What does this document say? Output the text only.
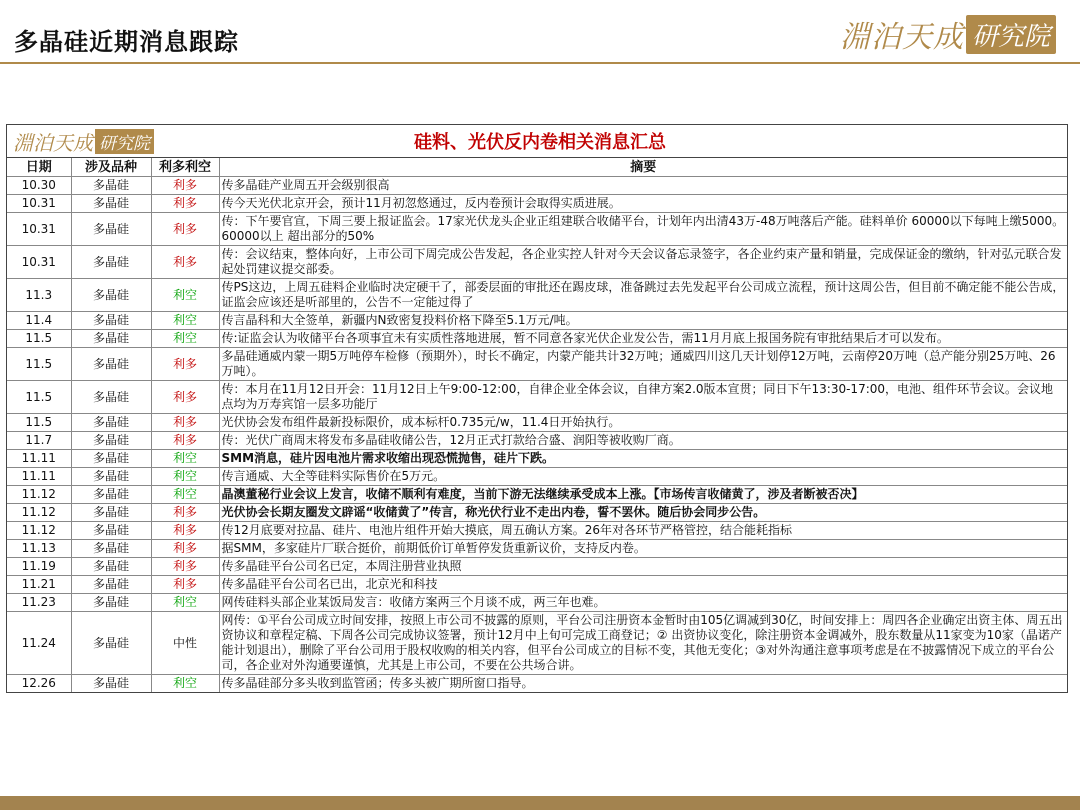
多晶硅近期消息跟踪	淵泊天成 研究院
淵泊天成 研究院	硅料、光伏反内卷相关消息汇总
日期	涉及品种	利多利空	摘要
10.30	多晶硅	利多	传多晶硅产业周五开会级别很高
10.31	多晶硅	利多	传今天光伏北京开会，预计11月初忽悠通过，反内卷预计会取得实质进展。
10.31	多晶硅	利多	传：下午要官宣，下周三要上报证监会。17家光伏龙头企业正组建联合收储平台，计划年内出清43万-48万吨落后产能。硅料单价 60000以下每吨上缴5000。60000以上 超出部分的50%
10.31	多晶硅	利多	传：会议结束，整体向好，上市公司下周完成公告发起，各企业实控人针对今天会议备忘录签字，各企业约束产量和销量，完成保证金的缴纳，针对弘元联合发起处罚建议提交部委。
11.3	多晶硅	利空	传PS这边，上周五硅料企业临时决定硬干了，部委层面的审批还在踢皮球，准备跳过去先发起平台公司成立流程，预计这周公告，但目前不确定能不能公告成，证监会应该还是听部里的，公告不一定能过得了
11.4	多晶硅	利空	传言晶科和大全签单，新疆内N致密复投料价格下降至5.1万元/吨。
11.5	多晶硅	利空	传:证监会认为收储平台各项事宜未有实质性落地进展，暂不同意各家光伏企业发公告，需11月月底上报国务院有审批结果后才可以发布。
11.5	多晶硅	利多	多晶硅通威内蒙一期5万吨停车检修（预期外），时长不确定，内蒙产能共计32万吨；通威四川这几天计划停12万吨，云南停20万吨（总产能分别25万吨、26万吨）。
11.5	多晶硅	利多	传：本月在11月12日开会：11月12日上午9:00-12:00，自律企业全体会议，自律方案2.0版本宣贯；同日下午13:30-17:00，电池、组件环节会议。会议地点均为万寿宾馆一层多功能厅
11.5	多晶硅	利多	光伏协会发布组件最新投标限价，成本标杆0.735元/w，11.4日开始执行。
11.7	多晶硅	利多	传：光伏广商周末将发布多晶硅收储公告，12月正式打款给合盛、润阳等被收购厂商。
11.11	多晶硅	利空	SMM消息，硅片因电池片需求收缩出现恐慌抛售，硅片下跌。
11.11	多晶硅	利空	传言通威、大全等硅料实际售价在5万元。
11.12	多晶硅	利空	晶澳董秘行业会议上发言，收储不顺利有难度，当前下游无法继续承受成本上涨。【市场传言收储黄了，涉及者断被否决】
11.12	多晶硅	利多	光伏协会长期友圈发文辟谣“收储黄了”传言，称光伏行业不走出内卷，誓不罢休。随后协会同步公告。
11.12	多晶硅	利多	传12月底要对拉晶、硅片、电池片组件开始大摸底，周五确认方案。26年对各环节严格管控，结合能耗指标
11.13	多晶硅	利多	据SMM，多家硅片厂联合挺价，前期低价订单暂停发货重新议价，支持反内卷。
11.19	多晶硅	利多	传多晶硅平台公司名已定，本周注册营业执照
11.21	多晶硅	利多	传多晶硅平台公司名已出，北京光和科技
11.23	多晶硅	利空	网传硅料头部企业某饭局发言：收储方案两三个月谈不成，两三年也难。
11.24	多晶硅	中性	网传：①平台公司成立时间安排，按照上市公司不披露的原则，平台公司注册资本金暂时由105亿调减到30亿，时间安排上：周四各企业确定出资主体、周五出资协议和章程定稿、下周各公司完成协议签署，预计12月中上旬可完成工商登记；② 出资协议变化，除注册资本金调减外，股东数量从11家变为10家（晶诺产能计划退出），删除了平台公司用于股权收购的相关内容，但平台公司成立的目标不变，其他无变化；③对外沟通注意事项考虑是在不披露情况下成立的平台公司，各企业对外沟通要谨慎，尤其是上市公司，不要在公共场合讲。
12.26	多晶硅	利空	传多晶硅部分多头收到监管函；传多头被广期所窗口指导。
